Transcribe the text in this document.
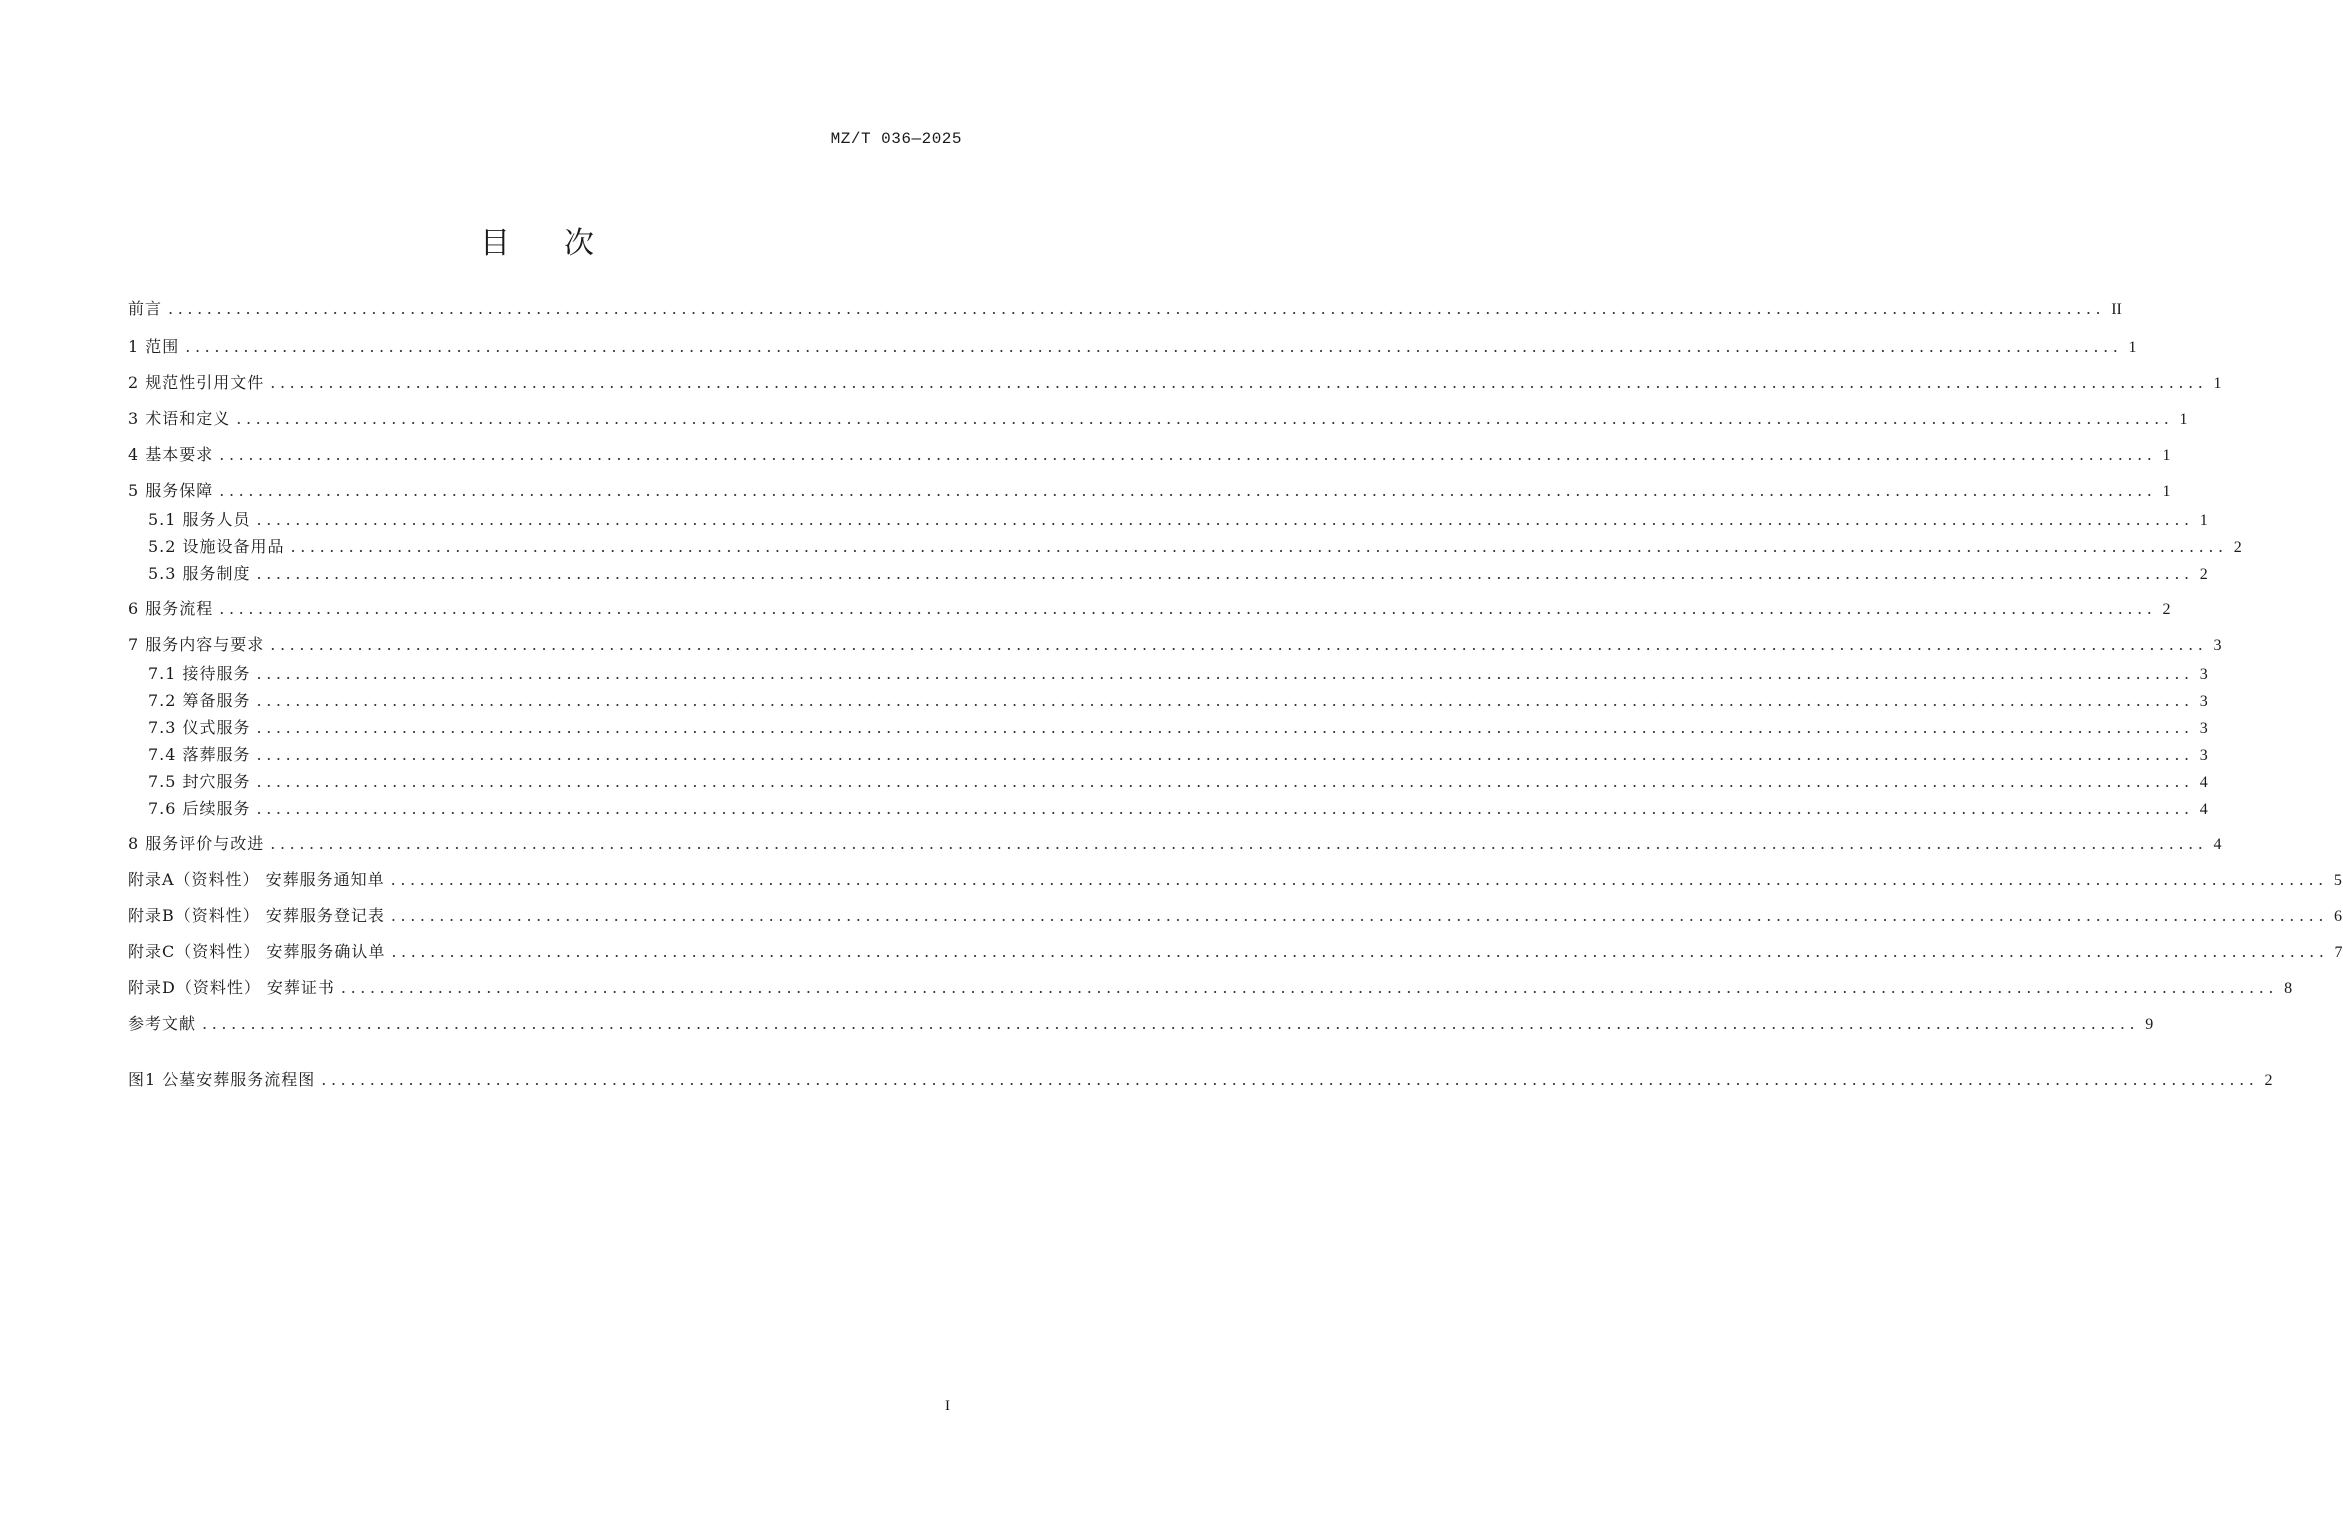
MZ/T 036—2025
目次
前言 ........................................................................................................................................................................................................ II
1 范围 ........................................................................................................................................................................................................ 1
2 规范性引用文件 ........................................................................................................................................................................................................ 1
3 术语和定义 ........................................................................................................................................................................................................ 1
4 基本要求 ........................................................................................................................................................................................................ 1
5 服务保障 ........................................................................................................................................................................................................ 1
5.1 服务人员 ........................................................................................................................................................................................................ 1
5.2 设施设备用品 ........................................................................................................................................................................................................ 2
5.3 服务制度 ........................................................................................................................................................................................................ 2
6 服务流程 ........................................................................................................................................................................................................ 2
7 服务内容与要求 ........................................................................................................................................................................................................ 3
7.1 接待服务 ........................................................................................................................................................................................................ 3
7.2 筹备服务 ........................................................................................................................................................................................................ 3
7.3 仪式服务 ........................................................................................................................................................................................................ 3
7.4 落葬服务 ........................................................................................................................................................................................................ 3
7.5 封穴服务 ........................................................................................................................................................................................................ 4
7.6 后续服务 ........................................................................................................................................................................................................ 4
8 服务评价与改进 ........................................................................................................................................................................................................ 4
附录A（资料性） 安葬服务通知单 ........................................................................................................................................................................................................ 5
附录B（资料性） 安葬服务登记表 ........................................................................................................................................................................................................ 6
附录C（资料性） 安葬服务确认单 ........................................................................................................................................................................................................ 7
附录D（资料性） 安葬证书 ........................................................................................................................................................................................................ 8
参考文献 ........................................................................................................................................................................................................ 9
图1 公墓安葬服务流程图 ........................................................................................................................................................................................................ 2
I
